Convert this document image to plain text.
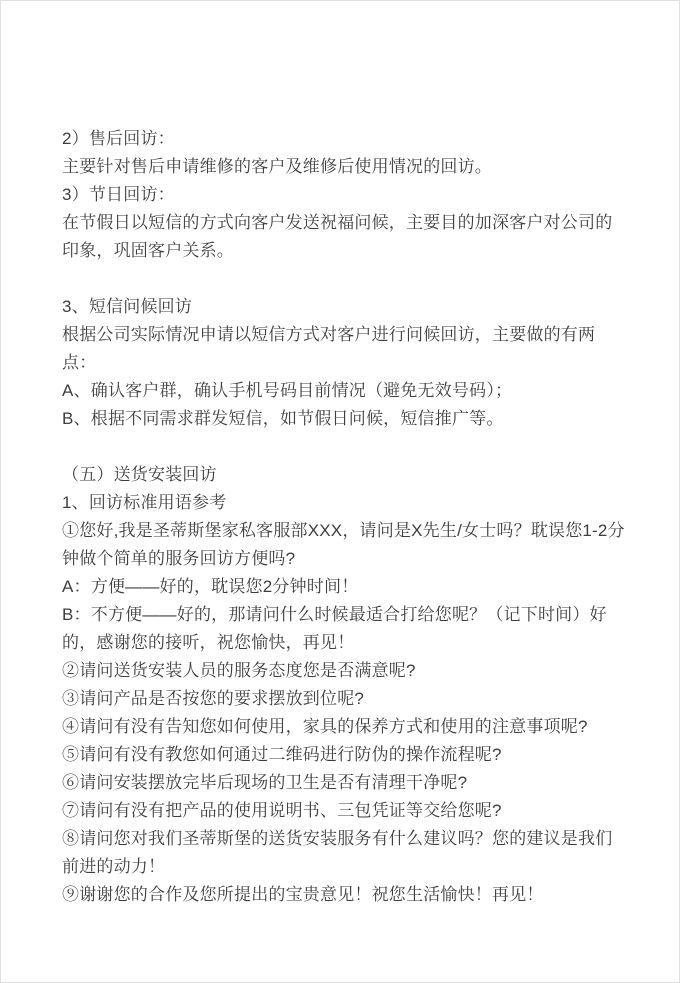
2）售后回访：

主要针对售后申请维修的客户及维修后使用情况的回访。

3）节日回访：

在节假日以短信的方式向客户发送祝福问候，主要目的加深客户对公司的印象，巩固客户关系。

3、短信问候回访

根据公司实际情况申请以短信方式对客户进行问候回访，主要做的有两点：

A、确认客户群，确认手机号码目前情况（避免无效号码）；

B、根据不同需求群发短信，如节假日问候，短信推广等。

（五）送货安装回访

1、回访标准用语参考

①您好,我是圣蒂斯堡家私客服部XXX，请问是X先生/女士吗？耽误您1-2分钟做个简单的服务回访方便吗?

A：方便——好的，耽误您2分钟时间！

B：不方便——好的，那请问什么时候最适合打给您呢？（记下时间）好的，感谢您的接听，祝您愉快，再见！

②请问送货安装人员的服务态度您是否满意呢?

③请问产品是否按您的要求摆放到位呢?

④请问有没有告知您如何使用，家具的保养方式和使用的注意事项呢?

⑤请问有没有教您如何通过二维码进行防伪的操作流程呢?

⑥请问安装摆放完毕后现场的卫生是否有清理干净呢?

⑦请问有没有把产品的使用说明书、三包凭证等交给您呢?

⑧请问您对我们圣蒂斯堡的送货安装服务有什么建议吗？您的建议是我们前进的动力！

⑨谢谢您的合作及您所提出的宝贵意见！祝您生活愉快！再见！
